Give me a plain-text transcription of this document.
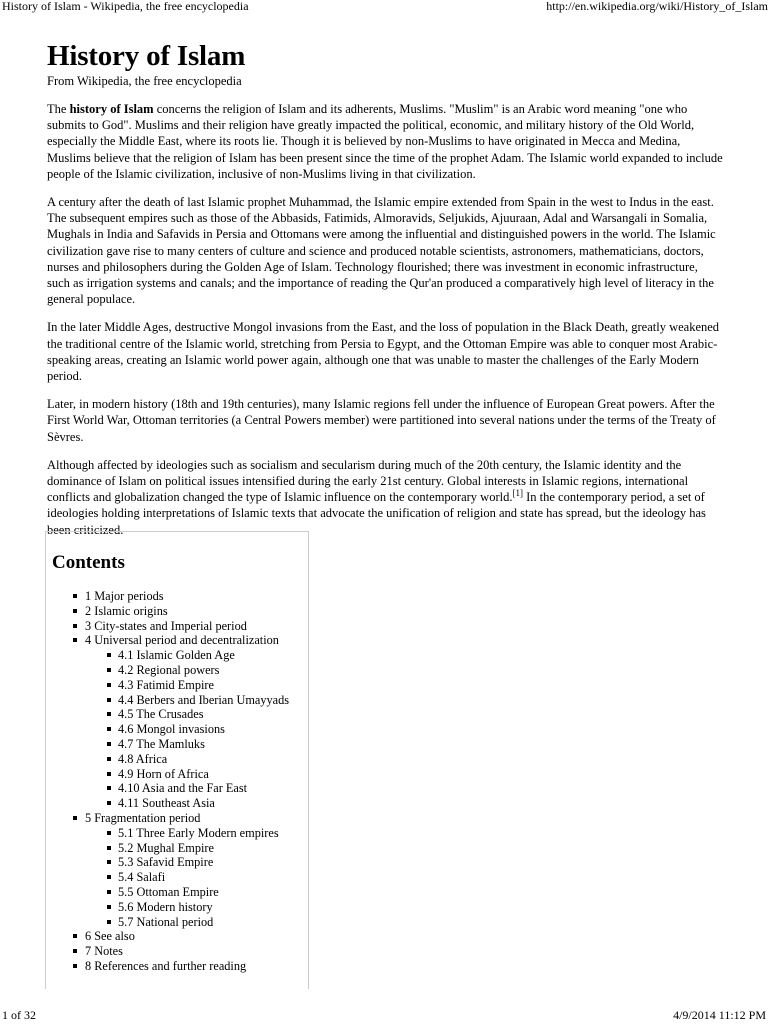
History of Islam - Wikipedia, the free encyclopedia	http://en.wikipedia.org/wiki/History_of_Islam
History of Islam
From Wikipedia, the free encyclopedia

The history of Islam concerns the religion of Islam and its adherents, Muslims. "Muslim" is an Arabic word meaning "one who submits to God". Muslims and their religion have greatly impacted the political, economic, and military history of the Old World, especially the Middle East, where its roots lie. Though it is believed by non-Muslims to have originated in Mecca and Medina, Muslims believe that the religion of Islam has been present since the time of the prophet Adam. The Islamic world expanded to include people of the Islamic civilization, inclusive of non-Muslims living in that civilization.

A century after the death of last Islamic prophet Muhammad, the Islamic empire extended from Spain in the west to Indus in the east. The subsequent empires such as those of the Abbasids, Fatimids, Almoravids, Seljukids, Ajuuraan, Adal and Warsangali in Somalia, Mughals in India and Safavids in Persia and Ottomans were among the influential and distinguished powers in the world. The Islamic civilization gave rise to many centers of culture and science and produced notable scientists, astronomers, mathematicians, doctors, nurses and philosophers during the Golden Age of Islam. Technology flourished; there was investment in economic infrastructure, such as irrigation systems and canals; and the importance of reading the Qur'an produced a comparatively high level of literacy in the general populace.

In the later Middle Ages, destructive Mongol invasions from the East, and the loss of population in the Black Death, greatly weakened the traditional centre of the Islamic world, stretching from Persia to Egypt, and the Ottoman Empire was able to conquer most Arabic-speaking areas, creating an Islamic world power again, although one that was unable to master the challenges of the Early Modern period.

Later, in modern history (18th and 19th centuries), many Islamic regions fell under the influence of European Great powers. After the First World War, Ottoman territories (a Central Powers member) were partitioned into several nations under the terms of the Treaty of Sèvres.

Although affected by ideologies such as socialism and secularism during much of the 20th century, the Islamic identity and the dominance of Islam on political issues intensified during the early 21st century. Global interests in Islamic regions, international conflicts and globalization changed the type of Islamic influence on the contemporary world.[1] In the contemporary period, a set of ideologies holding interpretations of Islamic texts that advocate the unification of religion and state has spread, but the ideology has been criticized.

Contents
1 Major periods
2 Islamic origins
3 City-states and Imperial period
4 Universal period and decentralization
4.1 Islamic Golden Age
4.2 Regional powers
4.3 Fatimid Empire
4.4 Berbers and Iberian Umayyads
4.5 The Crusades
4.6 Mongol invasions
4.7 The Mamluks
4.8 Africa
4.9 Horn of Africa
4.10 Asia and the Far East
4.11 Southeast Asia
5 Fragmentation period
5.1 Three Early Modern empires
5.2 Mughal Empire
5.3 Safavid Empire
5.4 Salafi
5.5 Ottoman Empire
5.6 Modern history
5.7 National period
6 See also
7 Notes
8 References and further reading
1 of 32	4/9/2014 11:12 PM
